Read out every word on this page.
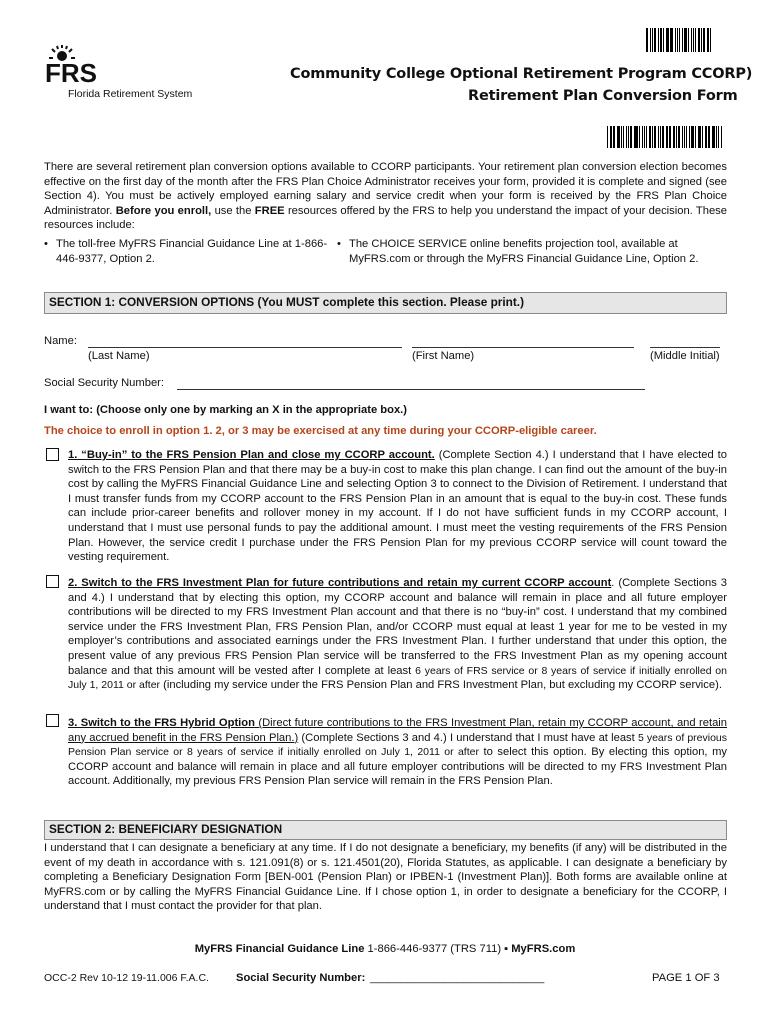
FRS
Florida Retirement System
Community College Optional Retirement Program CCORP)
Retirement Plan Conversion Form

There are several retirement plan conversion options available to CCORP participants. Your retirement plan conversion election becomes effective on the first day of the month after the FRS Plan Choice Administrator receives your form, provided it is complete and signed (see Section 4). You must be actively employed earning salary and service credit when your form is received by the FRS Plan Choice Administrator. Before you enroll, use the FREE resources offered by the FRS to help you understand the impact of your decision. These resources include:

• The toll-free MyFRS Financial Guidance Line at 1-866-446-9377, Option 2.
• The CHOICE SERVICE online benefits projection tool, available at MyFRS.com or through the MyFRS Financial Guidance Line, Option 2.
SECTION 1: CONVERSION OPTIONS (You MUST complete this section. Please print.)
Name:
(Last Name)	(First Name)	(Middle Initial)
Social Security Number:
I want to: (Choose only one by marking an X in the appropriate box.)
The choice to enroll in option 1. 2, or 3 may be exercised at any time during your CCORP-eligible career.

1. “Buy-in” to the FRS Pension Plan and close my CCORP account. (Complete Section 4.) I understand that I have elected to switch to the FRS Pension Plan and that there may be a buy-in cost to make this plan change. I can find out the amount of the buy-in cost by calling the MyFRS Financial Guidance Line and selecting Option 3 to connect to the Division of Retirement. I understand that I must transfer funds from my CCORP account to the FRS Pension Plan in an amount that is equal to the buy-in cost. These funds can include prior-career benefits and rollover money in my account. If I do not have sufficient funds in my CCORP account, I understand that I must use personal funds to pay the additional amount. I must meet the vesting requirements of the FRS Pension Plan. However, the service credit I purchase under the FRS Pension Plan for my previous CCORP service will count toward the vesting requirement.

2. Switch to the FRS Investment Plan for future contributions and retain my current CCORP account. (Complete Sections 3 and 4.) I understand that by electing this option, my CCORP account and balance will remain in place and all future employer contributions will be directed to my FRS Investment Plan account and that there is no “buy-in” cost. I understand that my combined service under the FRS Investment Plan, FRS Pension Plan, and/or CCORP must equal at least 1 year for me to be vested in my employer’s contributions and associated earnings under the FRS Investment Plan. I further understand that under this option, the present value of any previous FRS Pension Plan service will be transferred to the FRS Investment Plan as my opening account balance and that this amount will be vested after I complete at least 6 years of FRS service or 8 years of service if initially enrolled on July 1, 2011 or after (including my service under the FRS Pension Plan and FRS Investment Plan, but excluding my CCORP service).

3. Switch to the FRS Hybrid Option (Direct future contributions to the FRS Investment Plan, retain my CCORP account, and retain any accrued benefit in the FRS Pension Plan.) (Complete Sections 3 and 4.) I understand that I must have at least 5 years of previous Pension Plan service or 8 years of service if initially enrolled on July 1, 2011 or after to select this option. By electing this option, my CCORP account and balance will remain in place and all future employer contributions will be directed to my FRS Investment Plan account. Additionally, my previous FRS Pension Plan service will remain in the FRS Pension Plan.

SECTION 2: BENEFICIARY DESIGNATION

I understand that I can designate a beneficiary at any time. If I do not designate a beneficiary, my benefits (if any) will be distributed in the event of my death in accordance with s. 121.091(8) or s. 121.4501(20), Florida Statutes, as applicable. I can designate a beneficiary by completing a Beneficiary Designation Form [BEN-001 (Pension Plan) or IPBEN-1 (Investment Plan)]. Both forms are available online at MyFRS.com or by calling the MyFRS Financial Guidance Line. If I chose option 1, in order to designate a beneficiary for the CCORP, I understand that I must contact the provider for that plan.

MyFRS Financial Guidance Line 1-866-446-9377 (TRS 711) ▪ MyFRS.com
OCC-2 Rev 10-12 19-11.006 F.A.C. Social Security Number: ____________________________	PAGE 1 OF 3
